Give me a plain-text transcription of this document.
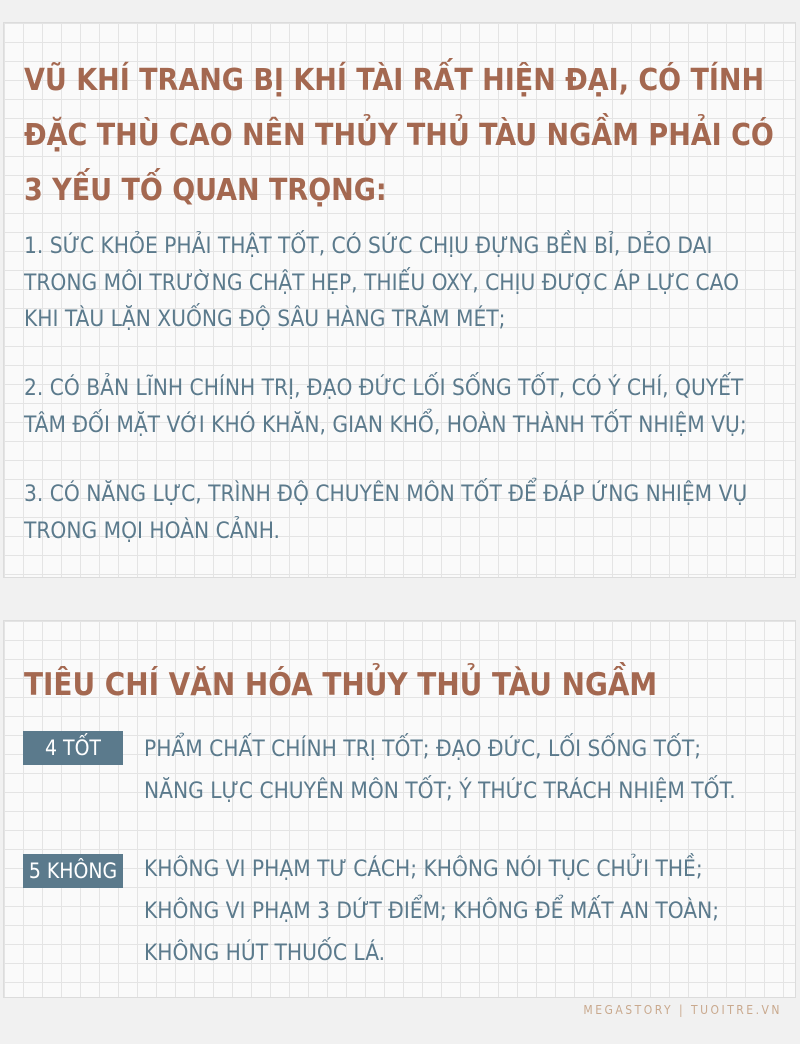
VŨ KHÍ TRANG BỊ KHÍ TÀI RẤT HIỆN ĐẠI, CÓ TÍNH ĐẶC THÙ CAO NÊN THỦY THỦ TÀU NGẦM PHẢI CÓ 3 YẾU TỐ QUAN TRỌNG:

1. SỨC KHỎE PHẢI THẬT TỐT, CÓ SỨC CHỊU ĐỰNG BỀN BỈ, DẺO DAI TRONG MÔI TRƯỜNG CHẬT HẸP, THIẾU OXY, CHỊU ĐƯỢC ÁP LỰC CAO KHI TÀU LẶN XUỐNG ĐỘ SÂU HÀNG TRĂM MÉT;

2. CÓ BẢN LĨNH CHÍNH TRỊ, ĐẠO ĐỨC LỐI SỐNG TỐT, CÓ Ý CHÍ, QUYẾT TÂM ĐỐI MẶT VỚI KHÓ KHĂN, GIAN KHỔ, HOÀN THÀNH TỐT NHIỆM VỤ;

3. CÓ NĂNG LỰC, TRÌNH ĐỘ CHUYÊN MÔN TỐT ĐỂ ĐÁP ỨNG NHIỆM VỤ TRONG MỌI HOÀN CẢNH.

TIÊU CHÍ VĂN HÓA THỦY THỦ TÀU NGẦM
4 TỐT	PHẨM CHẤT CHÍNH TRỊ TỐT; ĐẠO ĐỨC, LỐI SỐNG TỐT;
NĂNG LỰC CHUYÊN MÔN TỐT; Ý THỨC TRÁCH NHIỆM TỐT.
5 KHÔNG KHÔNG VI PHẠM TƯ CÁCH; KHÔNG NÓI TỤC CHỬI THỀ;
KHÔNG VI PHẠM 3 DỨT ĐIỂM; KHÔNG ĐỂ MẤT AN TOÀN;
KHÔNG HÚT THUỐC LÁ.
MEGASTORY | TUOITRE.VN
